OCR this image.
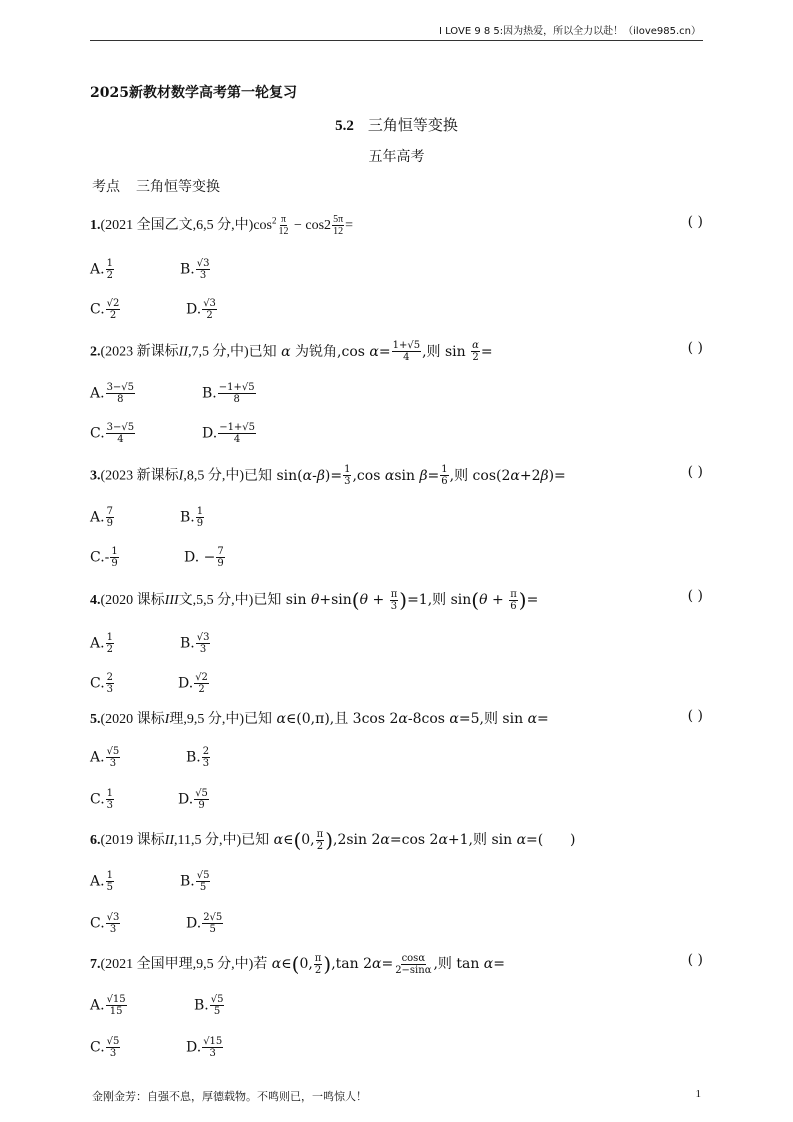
I LOVE 9 8 5:因为热爱，所以全力以赴！（ilove985.cn）
2025新教材数学高考第一轮复习
5.2 三角恒等变换
五年高考
考点 三角恒等变换
1.(2021 全国乙文,6,5 分,中)$\cos^2 \frac{\pi}{12} - \cos 2 \frac{5\pi}{12}$ =	( )
A. $\frac{1}{2}$	B. $\frac{√3}{3}$
C. $\frac{√2}{2}$	D. $\frac{√3}{2}$
2.(2023 新课标II,7,5 分,中)已知 α 为锐角,cos $\alpha= \frac{1+√5}{4}$ ,则 $\sin \frac{\alpha}{2}$ =	( )
A. $\frac{3-√5}{8}$	B. $\frac{-1+√5}{8}$
C. $\frac{3-√5}{4}$	D. $\frac{-1+√5}{4}$
3.(2023 新课标I,8,5 分,中)已知 $\sin(\alpha-\beta)= \frac{1}{3} ,\cos$ αsin $\beta= \frac{1}{6}$ ,则 cos(2α+2β)=	( )
A. $\frac{7}{9}$	B. $\frac{1}{9}$
$C.- \frac{1}{9}$	D. − $\frac{7}{9}$
4.(2020 课标III文,5,5 分,中)已知 $\sin \theta+\sin(\theta + \frac{\pi}{3} )=1$,则 $\sin(\theta + \frac{\pi}{6}$ )=	( )
A. $\frac{1}{2}$	B. $\frac{√3}{3}$
C. $\frac{2}{3}$	D. $\frac{√2}{2}$
5.(2020 课标I理,9,5 分,中)已知 α∈(0,π),且 3cos 2α-8cos α=5,则 sin α=	( )
A. $\frac{√5}{3}$	B. $\frac{2}{3}$
C. $\frac{1}{3}$	D. $\frac{√5}{9}$
6.(2019 课标II,11,5 分,中)已知 α∈(0, $\frac{\pi}{2} ),2\sin$ 2α=cos 2α+1,则 sin α=(      )
A. $\frac{1}{5}$	B. $\frac{√5}{5}$
C. $\frac{√3}{3}$	D. $\frac{2√5}{5}$
7.(2021 全国甲理,9,5 分,中)若 α∈(0, $\frac{\pi}{2} ),\tan$ $2\alpha= \frac{\cos\alpha}{2-\sin\alpha}$ ,则 tan α=	( )
A. $\frac{√15}{15}$	B. $\frac{√5}{5}$
C. $\frac{√5}{3}$	D. $\frac{√15}{3}$
金刚金芳：自强不息，厚德载物。不鸣则已，一鸣惊人！	1
